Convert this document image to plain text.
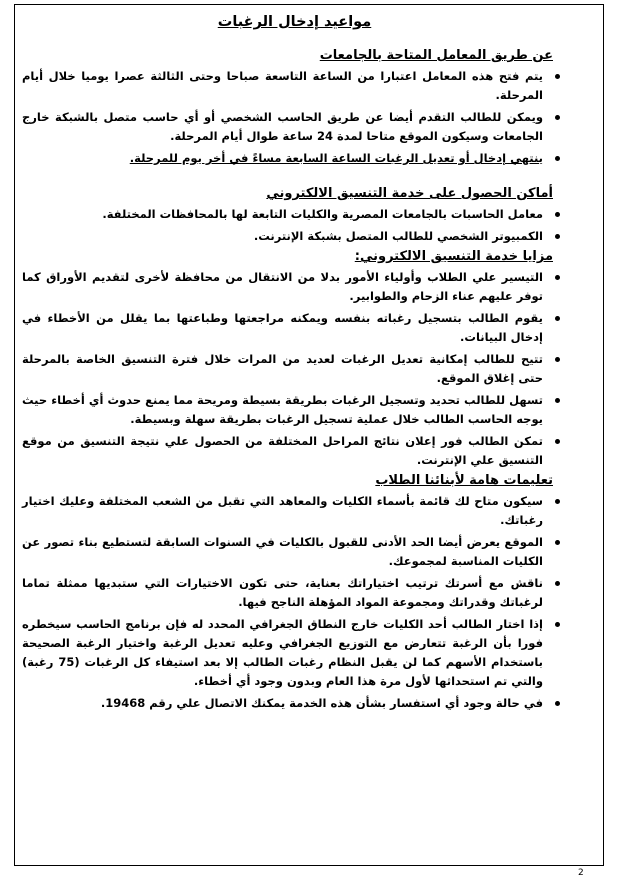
مواعيد إدخال الرغبات
عن طريق المعامل المتاحة بالجامعات
يتم فتح هذه المعامل اعتبارا من الساعة التاسعة صباحا وحتى الثالثة عصرا يوميا خلال أيام المرحلة.
ويمكن للطالب التقدم أيضا عن طريق الحاسب الشخصي أو أي حاسب متصل بالشبكة خارج الجامعات وسيكون الموقع متاحا لمدة 24 ساعة طوال أيام المرحلة.
ينتهي إدخال أو تعديل الرغبات الساعة السابعة مساءً في أخر يوم للمرحلة.
أماكن الحصول على خدمة التنسيق الالكتروني
معامل الحاسبات بالجامعات المصرية والكليات التابعة لها بالمحافظات المختلفة.
الكمبيوتر الشخصي للطالب المتصل بشبكة الإنترنت.
مزايا خدمة التنسيق الالكتروني:
التيسير علي الطلاب وأولياء الأمور بدلا من الانتقال من محافظة لأخرى لتقديم الأوراق كما توفر عليهم عناء الزحام والطوابير.
يقوم الطالب بتسجيل رغباته بنفسه ويمكنه مراجعتها وطباعتها بما يقلل من الأخطاء في إدخال البيانات.
تتيح للطالب إمكانية تعديل الرغبات لعديد من المرات خلال فترة التنسيق الخاصة بالمرحلة حتى إغلاق الموقع.
تسهل للطالب تحديد وتسجيل الرغبات بطريقة بسيطة ومريحة مما يمنع حدوث أي أخطاء حيث يوجه الحاسب الطالب خلال عملية تسجيل الرغبات بطريقة سهلة وبسيطة.
تمكن الطالب فور إعلان نتائج المراحل المختلفة من الحصول علي نتيجة التنسيق من موقع التنسيق علي الإنترنت.
تعليمات هامة لأبنائنا الطلاب
سيكون متاح لك قائمة بأسماء الكليات والمعاهد التي تقبل من الشعب المختلفة وعليك اختيار رغباتك.
الموقع يعرض أيضا الحد الأدنى للقبول بالكليات في السنوات السابقة لتستطيع بناء تصور عن الكليات المناسبة لمجموعك.
ناقش مع أسرتك ترتيب اختياراتك بعناية، حتى تكون الاختيارات التي ستبديها ممثلة تماما لرغباتك وقدراتك ومجموعة المواد المؤهلة الناجح فيها.
إذا اختار الطالب أحد الكليات خارج النطاق الجغرافي المحدد له فإن برنامج الحاسب سيخطره فورا بأن الرغبة تتعارض مع التوزيع الجغرافي وعليه تعديل الرغبة واختيار الرغبة الصحيحة باستخدام الأسهم كما لن يقبل النظام رغبات الطالب إلا بعد استيفاء كل الرغبات (75 رغبة) والتي تم استحداثها لأول مرة هذا العام وبدون وجود أي أخطاء.
في حالة وجود أي استفسار بشأن هذه الخدمة يمكنك الاتصال علي رقم 19468.
2
